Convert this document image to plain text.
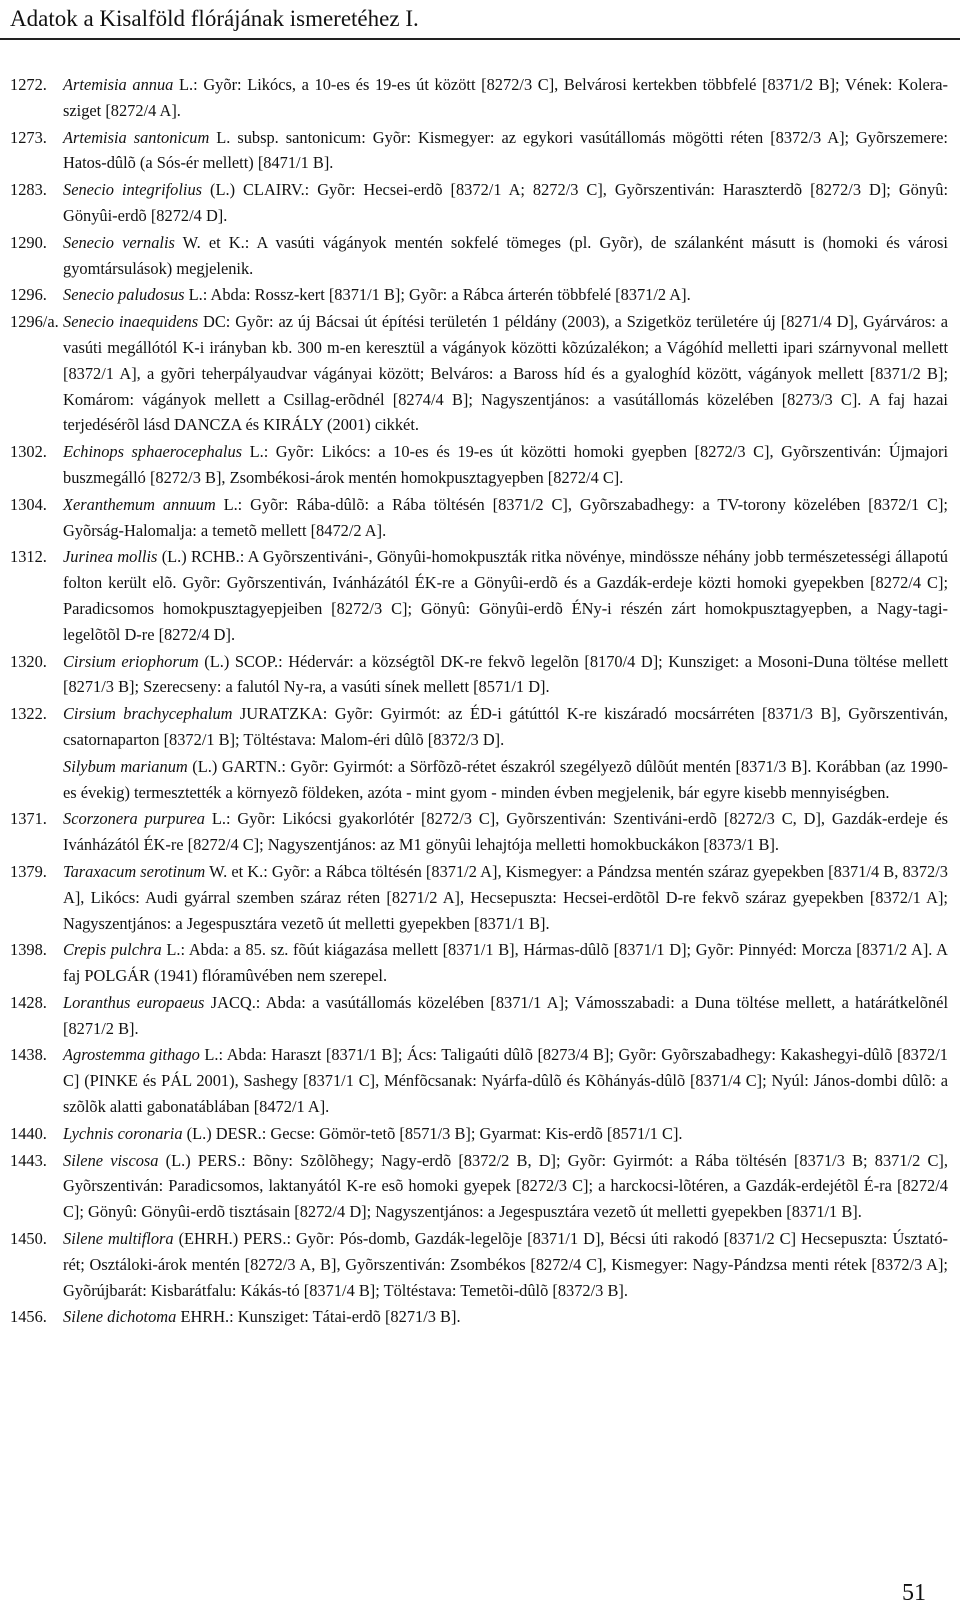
Adatok a Kisalföld flórájának ismeretéhez I.
1272. Artemisia annua L.: Gyõr: Likócs, a 10-es és 19-es út között [8272/3 C], Belvárosi kertekben többfelé [8371/2 B]; Vének: Kolera-sziget [8272/4 A].
1273. Artemisia santonicum L. subsp. santonicum: Gyõr: Kismegyer: az egykori vasútállomás mögötti réten [8372/3 A]; Gyõrszemere: Hatos-dûlõ (a Sós-ér mellett) [8471/1 B].
1283. Senecio integrifolius (L.) CLAIRV.: Gyõr: Hecsei-erdõ [8372/1 A; 8272/3 C], Gyõrszentiván: Haraszterdõ [8272/3 D]; Gönyû: Gönyûi-erdõ [8272/4 D].
1290. Senecio vernalis W. et K.: A vasúti vágányok mentén sokfelé tömeges (pl. Gyõr), de szálanként másutt is (homoki és városi gyomtársulások) megjelenik.
1296. Senecio paludosus L.: Abda: Rossz-kert [8371/1 B]; Gyõr: a Rábca árterén többfelé [8371/2 A].
1296/a. Senecio inaequidens DC: Gyõr: az új Bácsai út építési területén 1 példány (2003), a Szigetköz területére új [8271/4 D], Gyárváros: a vasúti megállótól K-i irányban kb. 300 m-en keresztül a vágányok közötti kõzúzalékon; a Vágóhíd melletti ipari szárnyvonal mellett [8372/1 A], a gyõri teherpályaudvar vágányai között; Belváros: a Baross híd és a gyaloghíd között, vágányok mellett [8371/2 B]; Komárom: vágányok mellett a Csillag-erõdnél [8274/4 B]; Nagyszentjános: a vasútállomás közelében [8273/3 C]. A faj hazai terjedésérõl lásd DANCZA és KIRÁLY (2001) cikkét.
1302. Echinops sphaerocephalus L.: Gyõr: Likócs: a 10-es és 19-es út közötti homoki gyepben [8272/3 C], Gyõrszentiván: Újmajori buszmegálló [8272/3 B], Zsombékosi-árok mentén homokpusztagyepben [8272/4 C].
1304. Xeranthemum annuum L.: Gyõr: Rába-dûlõ: a Rába töltésén [8371/2 C], Gyõrszabadhegy: a TV-torony közelében [8372/1 C]; Gyõrság-Halomalja: a temetõ mellett [8472/2 A].
1312. Jurinea mollis (L.) RCHB.: A Gyõrszentiváni-, Gönyûi-homokpuszták ritka növénye, mindössze néhány jobb természetességi állapotú folton került elõ. Gyõr: Gyõrszentiván, Ivánházától ÉK-re a Gönyûi-erdõ és a Gazdák-erdeje közti homoki gyepekben [8272/4 C]; Paradicsomos homokpusztagyepjeiben [8272/3 C]; Gönyû: Gönyûi-erdõ ÉNy-i részén zárt homokpusztagyepben, a Nagy-tagi-legelõtõl D-re [8272/4 D].
1320. Cirsium eriophorum (L.) SCOP.: Hédervár: a községtõl DK-re fekvõ legelõn [8170/4 D]; Kunsziget: a Mosoni-Duna töltése mellett [8271/3 B]; Szerecseny: a falutól Ny-ra, a vasúti sínek mellett [8571/1 D].
1322. Cirsium brachycephalum JURATZKA: Gyõr: Gyirmót: az ÉD-i gátúttól K-re kiszáradó mocsárréten [8371/3 B], Gyõrszentiván, csatornaparton [8372/1 B]; Töltéstava: Malom-éri dûlõ [8372/3 D].
Silybum marianum (L.) GARTN.: Gyõr: Gyirmót: a Sörfõzõ-rétet északról szegélyezõ dûlõút mentén [8371/3 B]. Korábban (az 1990-es évekig) termesztették a környezõ földeken, azóta - mint gyom - minden évben megjelenik, bár egyre kisebb mennyiségben.
1371. Scorzonera purpurea L.: Gyõr: Likócsi gyakorlótér [8272/3 C], Gyõrszentiván: Szentiváni-erdõ [8272/3 C, D], Gazdák-erdeje és Ivánházától ÉK-re [8272/4 C]; Nagyszentjános: az M1 gönyûi lehajtója melletti homokbuckákon [8373/1 B].
1379. Taraxacum serotinum W. et K.: Gyõr: a Rábca töltésén [8371/2 A], Kismegyer: a Pándzsa mentén száraz gyepekben [8371/4 B, 8372/3 A], Likócs: Audi gyárral szemben száraz réten [8271/2 A], Hecsepuszta: Hecsei-erdõtõl D-re fekvõ száraz gyepekben [8372/1 A]; Nagyszentjános: a Jegespusztára vezetõ út melletti gyepekben [8371/1 B].
1398. Crepis pulchra L.: Abda: a 85. sz. fõút kiágazása mellett [8371/1 B], Hármas-dûlõ [8371/1 D]; Gyõr: Pinnyéd: Morcza [8371/2 A]. A faj POLGÁR (1941) flóramûvében nem szerepel.
1428. Loranthus europaeus JACQ.: Abda: a vasútállomás közelében [8371/1 A]; Vámosszabadi: a Duna töltése mellett, a határátkelõnél [8271/2 B].
1438. Agrostemma githago L.: Abda: Haraszt [8371/1 B]; Ács: Taligaúti dûlõ [8273/4 B]; Gyõr: Gyõrszabadhegy: Kakashegyi-dûlõ [8372/1 C] (PINKE és PÁL 2001), Sashegy [8371/1 C], Ménfõcsanak: Nyárfa-dûlõ és Kõhányás-dûlõ [8371/4 C]; Nyúl: János-dombi dûlõ: a szõlõk alatti gabonatáblában [8472/1 A].
1440. Lychnis coronaria (L.) DESR.: Gecse: Gömör-tetõ [8571/3 B]; Gyarmat: Kis-erdõ [8571/1 C].
1443. Silene viscosa (L.) PERS.: Bõny: Szõlõhegy; Nagy-erdõ [8372/2 B, D]; Gyõr: Gyirmót: a Rába töltésén [8371/3 B; 8371/2 C], Gyõrszentiván: Paradicsomos, laktanyától K-re esõ homoki gyepek [8272/3 C]; a harckocsi-lõtéren, a Gazdák-erdejétõl É-ra [8272/4 C]; Gönyû: Gönyûi-erdõ tisztásain [8272/4 D]; Nagyszentjános: a Jegespusztára vezetõ út melletti gyepekben [8371/1 B].
1450. Silene multiflora (EHRH.) PERS.: Gyõr: Pós-domb, Gazdák-legelõje [8371/1 D], Bécsi úti rakodó [8371/2 C] Hecsepuszta: Úsztató-rét; Osztáloki-árok mentén [8272/3 A, B], Gyõrszentiván: Zsombékos [8272/4 C], Kismegyer: Nagy-Pándzsa menti rétek [8372/3 A]; Gyõrújbarát: Kisbarátfalu: Kákás-tó [8371/4 B]; Töltéstava: Temetõi-dûlõ [8372/3 B].
1456. Silene dichotoma EHRH.: Kunsziget: Tátai-erdõ [8271/3 B].
51
